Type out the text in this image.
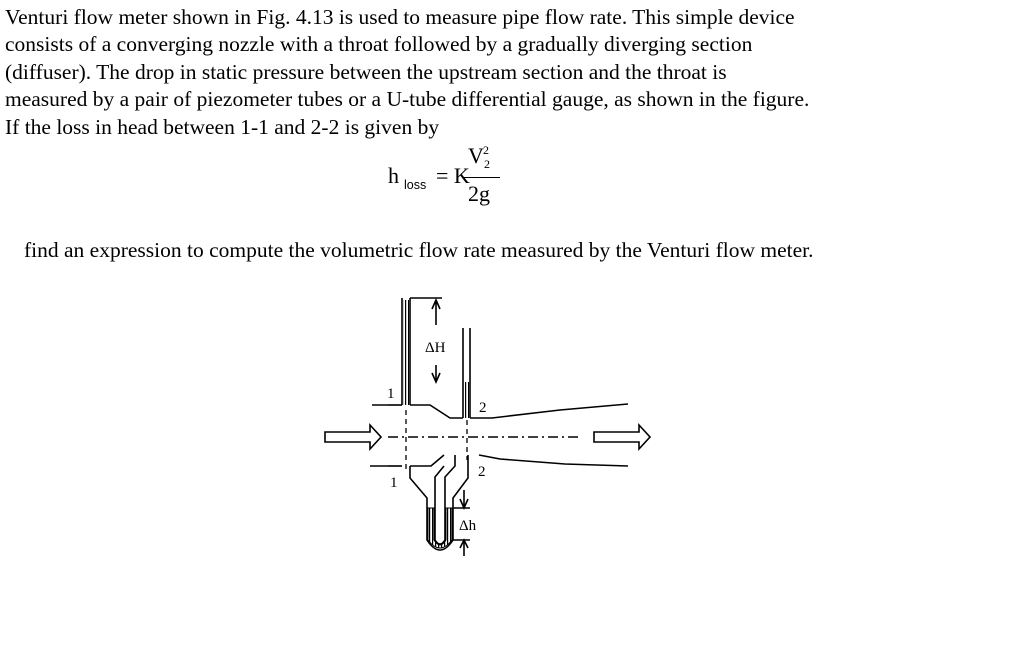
Venturi flow meter shown in Fig. 4.13 is used to measure pipe flow rate. This simple device

consists of a converging nozzle with a throat followed by a gradually diverging section

(diffuser). The drop in static pressure between the upstream section and the throat is

measured by a pair of piezometer tubes or a U-tube differential gauge, as shown in the figure.

If the loss in head between 1-1 and 2-2 is given by

h loss = K
V 2
2
2g
find an expression to compute the volumetric flow rate measured by the Venturi flow meter.
ΔH
Δh
1
1
2
2
